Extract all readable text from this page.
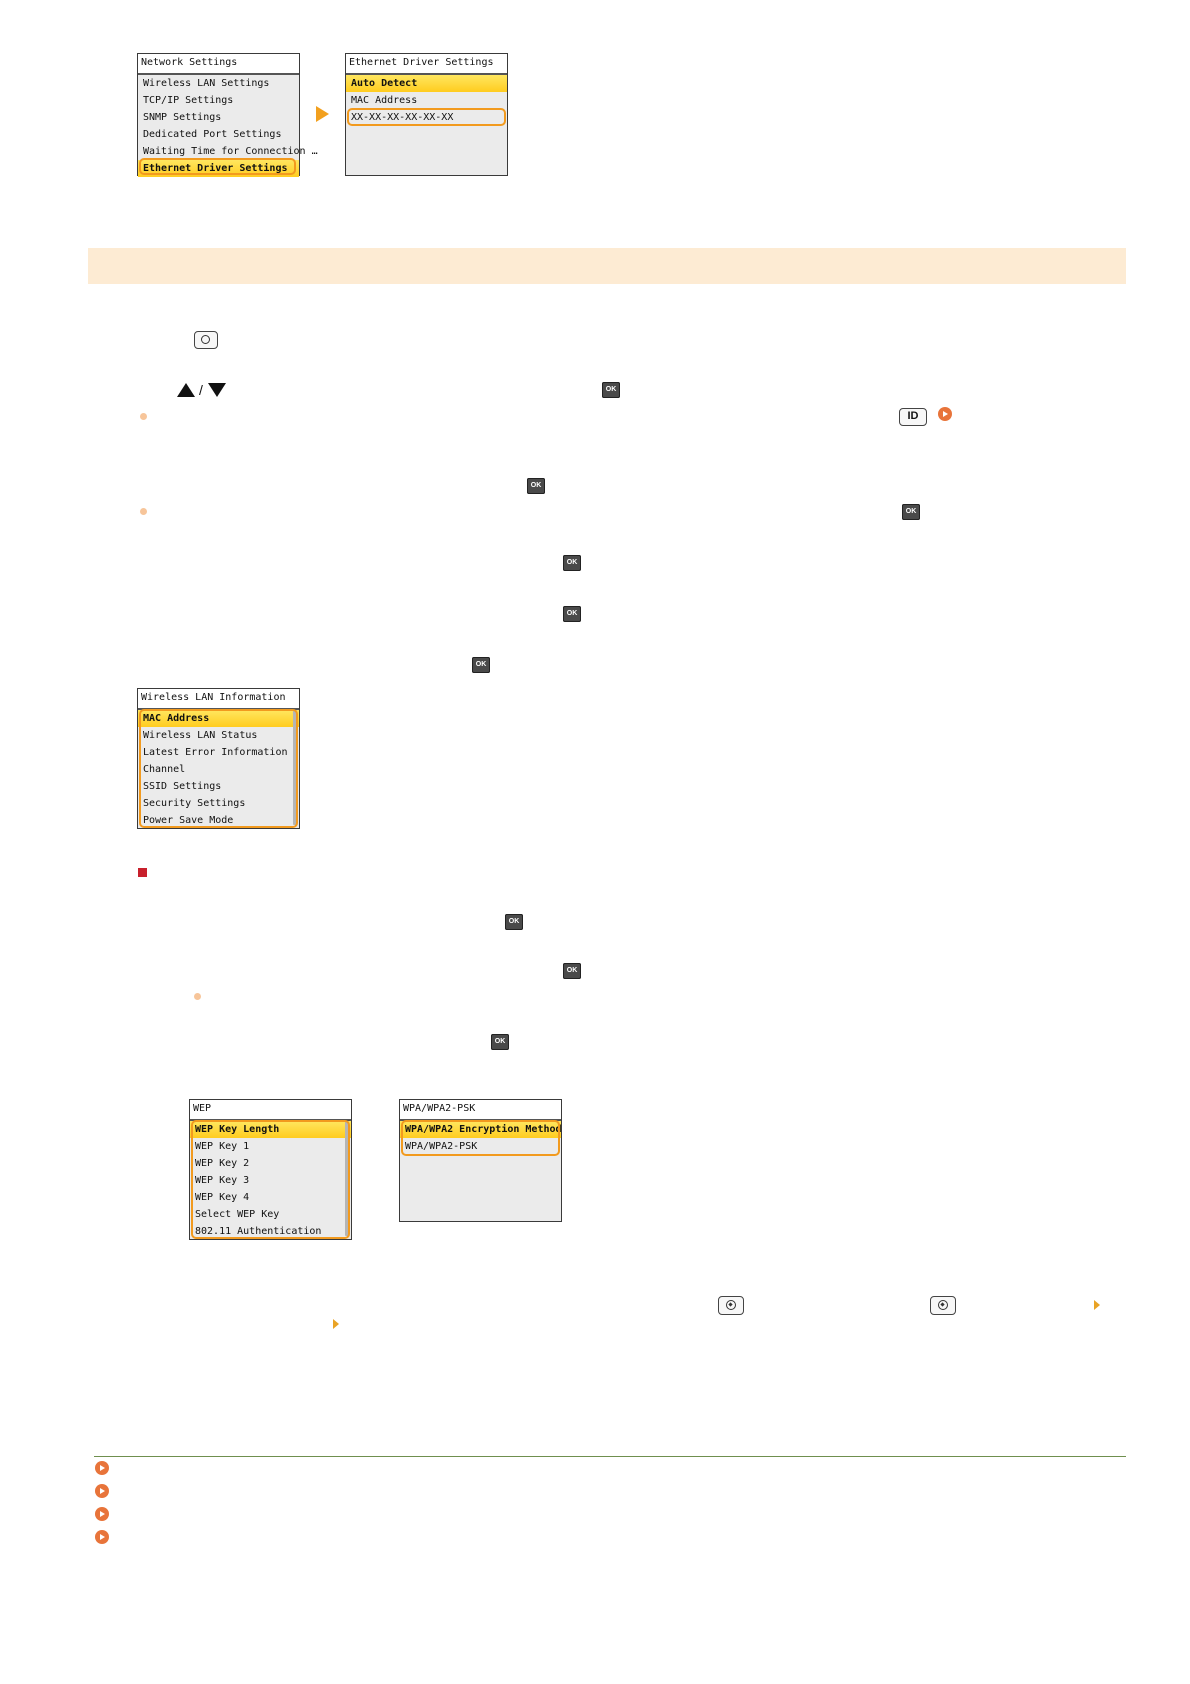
Network Settings
Wireless LAN Settings
TCP/IP Settings
SNMP Settings
Dedicated Port Settings
Waiting Time for Connection …
Ethernet Driver Settings
Ethernet Driver Settings
Auto Detect
MAC Address
XX-XX-XX-XX-XX-XX
/	OK
ID
OK
OK
OK
OK
OK
Wireless LAN Information
MAC Address
Wireless LAN Status
Latest Error Information
Channel
SSID Settings
Security Settings
Power Save Mode
OK
OK
OK
WEP
WEP Key Length
WEP Key 1
WEP Key 2
WEP Key 3
WEP Key 4
Select WEP Key
802.11 Authentication
WPA/WPA2-PSK
WPA/WPA2 Encryption Method
WPA/WPA2-PSK
